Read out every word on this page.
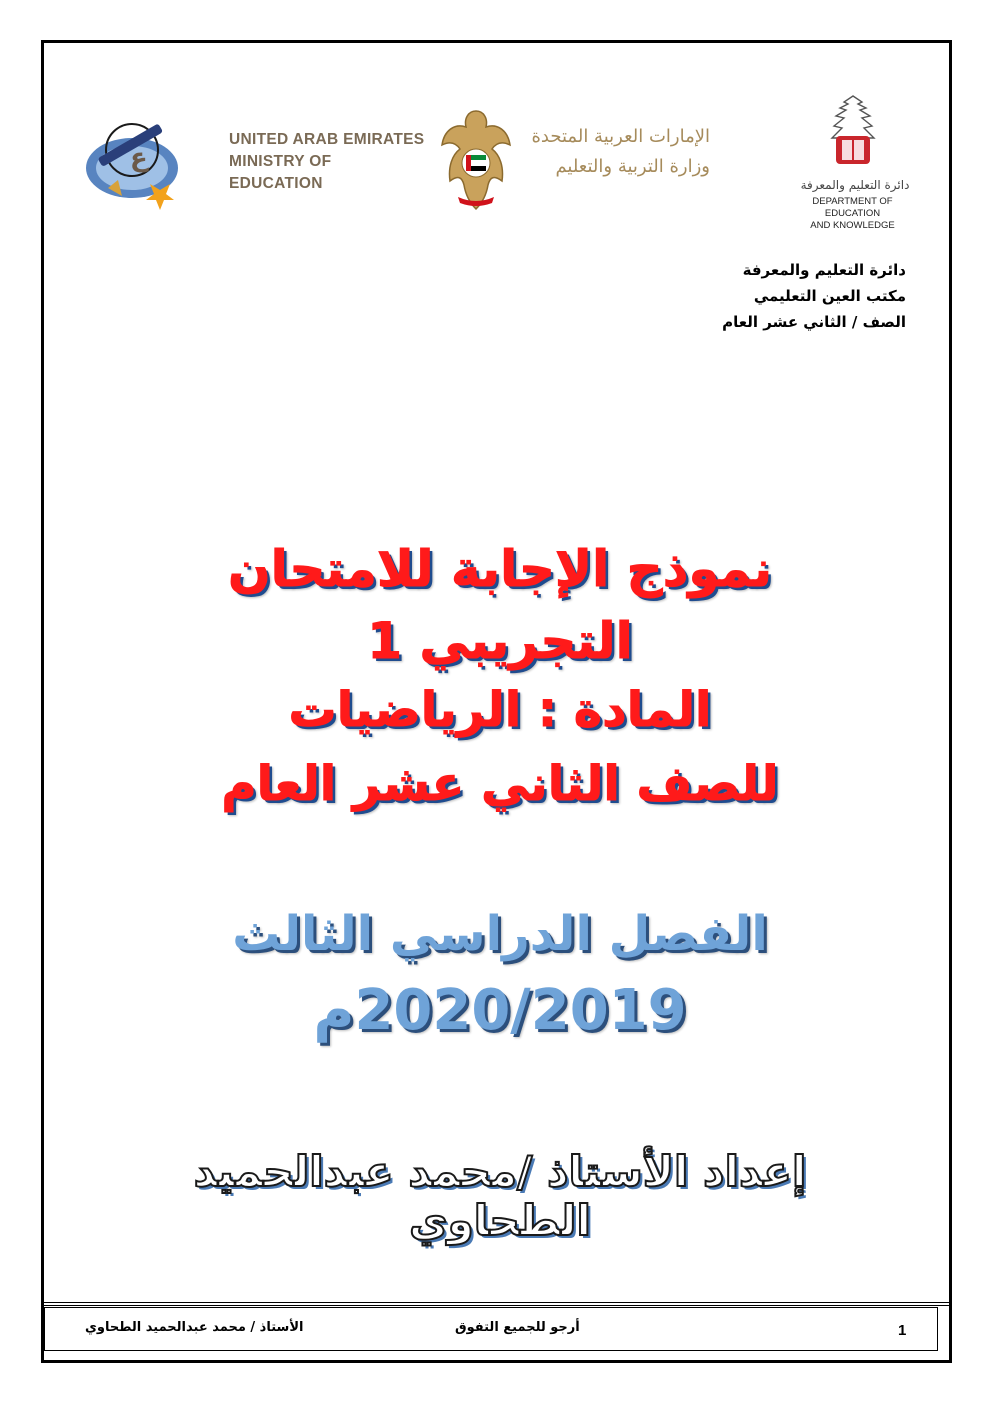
ع
UNITED ARAB EMIRATES
MINISTRY OF EDUCATION
الإمارات العربية المتحدة
وزارة التربية والتعليم
دائرة التعليم والمعرفة
DEPARTMENT OF EDUCATION
AND KNOWLEDGE
دائرة التعليم والمعرفة
مكتب العين التعليمي
الصف / الثاني عشر العام
نموذج الإجابة للامتحان
التجريبي 1
المادة : الرياضيات
للصف الثاني عشر العام
الفصل الدراسي الثالث
2020/2019م
إعداد الأستاذ /محمد عبدالحميد الطحاوي
1
أرجو للجميع التفوق
الأستاذ / محمد عبدالحميد الطحاوي
